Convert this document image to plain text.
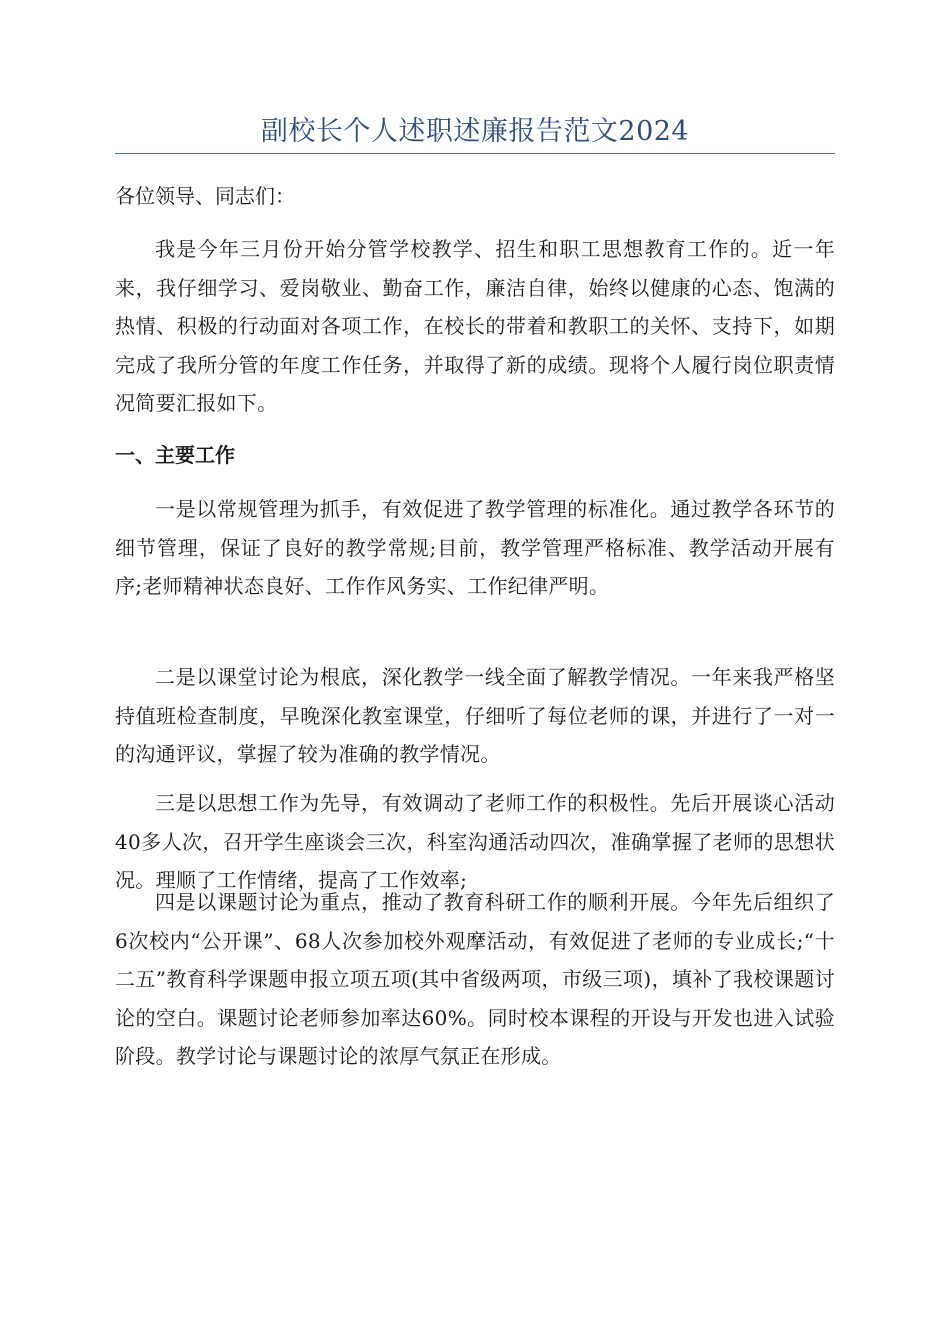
副校长个人述职述廉报告范文2024
各位领导、同志们：
我是今年三月份开始分管学校教学、招生和职工思想教育工作的。近一年来，我仔细学习、爱岗敬业、勤奋工作，廉洁自律，始终以健康的心态、饱满的热情、积极的行动面对各项工作，在校长的带着和教职工的关怀、支持下，如期完成了我所分管的年度工作任务，并取得了新的成绩。现将个人履行岗位职责情况简要汇报如下。
一、主要工作
一是以常规管理为抓手，有效促进了教学管理的标准化。通过教学各环节的细节管理，保证了良好的教学常规;目前，教学管理严格标准、教学活动开展有序;老师精神状态良好、工作作风务实、工作纪律严明。
二是以课堂讨论为根底，深化教学一线全面了解教学情况。一年来我严格坚持值班检查制度，早晚深化教室课堂，仔细听了每位老师的课，并进行了一对一的沟通评议，掌握了较为准确的教学情况。
三是以思想工作为先导，有效调动了老师工作的积极性。先后开展谈心活动40多人次，召开学生座谈会三次，科室沟通活动四次，准确掌握了老师的思想状况。理顺了工作情绪，提高了工作效率;
四是以课题讨论为重点，推动了教育科研工作的顺利开展。今年先后组织了6次校内“公开课”、68人次参加校外观摩活动，有效促进了老师的专业成长;“十二五”教育科学课题申报立项五项(其中省级两项，市级三项)，填补了我校课题讨论的空白。课题讨论老师参加率达60%。同时校本课程的开设与开发也进入试验阶段。教学讨论与课题讨论的浓厚气氛正在形成。
